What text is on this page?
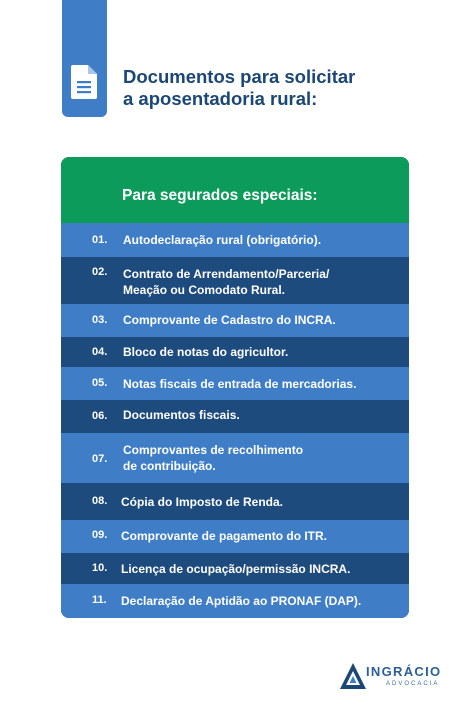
Documentos para solicitar
a aposentadoria rural:
Para segurados especiais:
01. Autodeclaração rural (obrigatório).
02. Contrato de Arrendamento/Parceria/
Meação ou Comodato Rural.
03. Comprovante de Cadastro do INCRA.
04. Bloco de notas do agricultor.
05. Notas fiscais de entrada de mercadorias.
06. Documentos fiscais.
07.
Comprovantes de recolhimento
de contribuição.
08. Cópia do Imposto de Renda.
09. Comprovante de pagamento do ITR.
10. Licença de ocupação/permissão INCRA.
11. Declaração de Aptidão ao PRONAF (DAP).
INGRÁCIO
ADVOCACIA
